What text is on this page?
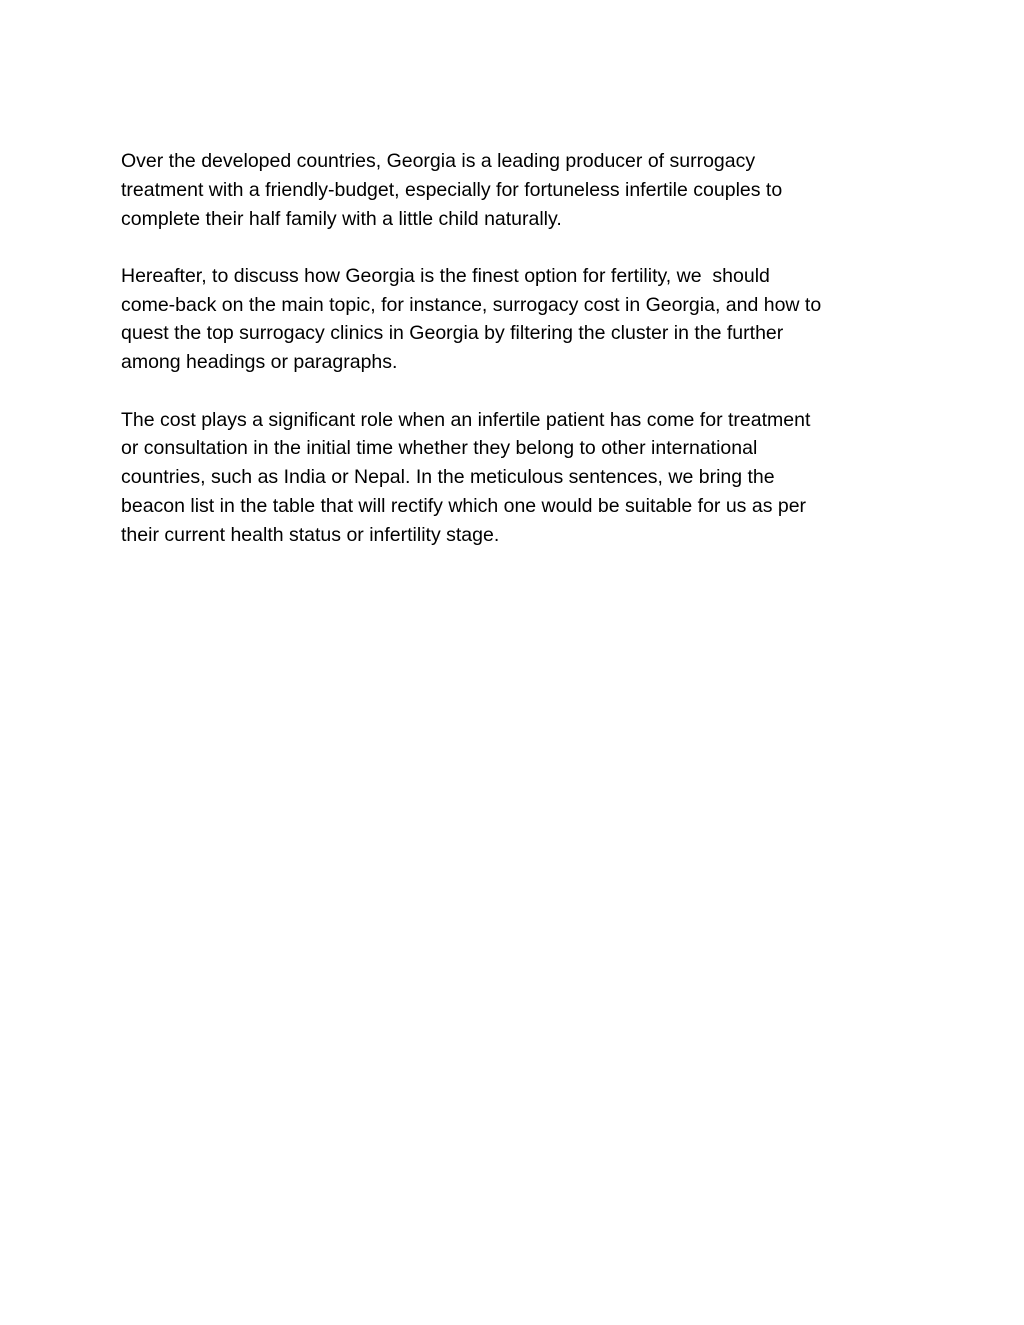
Over the developed countries, Georgia is a leading producer of surrogacy
treatment with a friendly-budget, especially for fortuneless infertile couples to
complete their half family with a little child naturally.

Hereafter, to discuss how Georgia is the finest option for fertility, we  should
come-back on the main topic, for instance, surrogacy cost in Georgia, and how to
quest the top surrogacy clinics in Georgia by filtering the cluster in the further
among headings or paragraphs.

The cost plays a significant role when an infertile patient has come for treatment
or consultation in the initial time whether they belong to other international
countries, such as India or Nepal. In the meticulous sentences, we bring the
beacon list in the table that will rectify which one would be suitable for us as per
their current health status or infertility stage.
